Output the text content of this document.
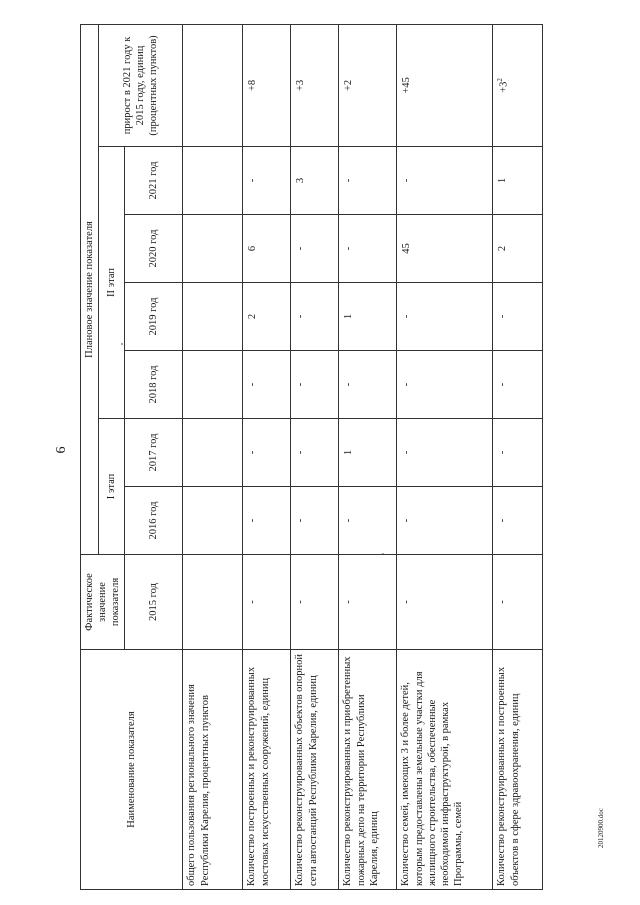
6
Наименование показателя	Фактическое значение показателя	Плановое значение показателя						
		I этап		II этап				прирост в 2021 году к 2015 году, единиц (процентных пунктов)
	2015 год	2016 год	2017 год	2018 год	2019 год	2020 год	2021 год	
общего пользования регионального значения Республики Карелия, процентных пунктов								
Количество построенных и реконструированных мостовых искусственных сооружений, единиц	-	-	-	-	2	6	-	+8
Количество реконструированных объектов опорной сети автостанций Республики Карелия, единиц	-	-	-	-	-	-	3	+3
Количество реконструированных и приобретенных пожарных депо на территории Республики Карелия, единиц	-	-	1	-	1	-	-	+2
Количество семей, имеющих 3 и более детей, которым предоставлены земельные участки для жилищного строительства, обеспеченные необходимой инфраструктурой, в рамках Программы, семей	-	-	-	-	-	45	-	+45
Количество реконструированных и построенных объектов в сфере здравоохранения, единиц	-	-	-	-	-	2	1	$+3^2$
20120900.doc
